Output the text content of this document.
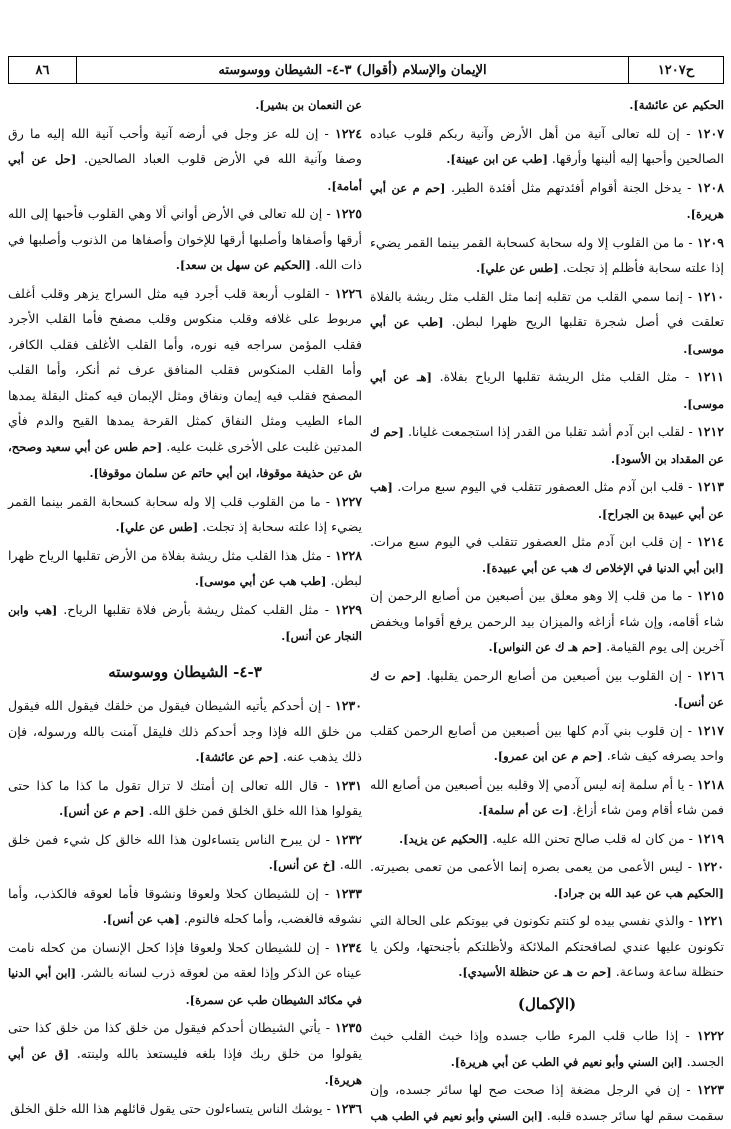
ح١٢٠٧
الإيمان والإسلام (أقوال) ٣-٤- الشيطان ووسوسته
٨٦
الحكيم عن عائشة].
١٢٠٧ - إن لله تعالى آنية من أهل الأرض وآنية ربكم قلوب عباده الصالحين وأحبها إليه ألينها وأرقها. [طب عن ابن عيينة].
١٢٠٨ - يدخل الجنة أقوام أفئدتهم مثل أفئدة الطير. [حم م عن أبي هريرة].
١٢٠٩ - ما من القلوب إلا وله سحابة كسحابة القمر بينما القمر يضيء إذا علته سحابة فأظلم إذ تجلت. [طس عن علي].
١٢١٠ - إنما سمي القلب من تقلبه إنما مثل القلب مثل ريشة بالفلاة تعلقت في أصل شجرة تقلبها الريح ظهرا لبطن. [طب عن أبي موسى].
١٢١١ - مثل القلب مثل الريشة تقلبها الرياح بفلاة. [هـ عن أبي موسى].
١٢١٢ - لقلب ابن آدم أشد تقلبا من القدر إذا استجمعت غليانا. [حم ك عن المقداد بن الأسود].
١٢١٣ - قلب ابن آدم مثل العصفور تتقلب في اليوم سبع مرات. [هب عن أبي عبيدة بن الجراح].
١٢١٤ - إن قلب ابن آدم مثل العصفور تتقلب في اليوم سبع مرات. [ابن أبي الدنيا في الإخلاص ك هب عن أبي عبيدة].
١٢١٥ - ما من قلب إلا وهو معلق بين أصبعين من أصابع الرحمن إن شاء أقامه، وإن شاء أزاغه والميزان بيد الرحمن يرفع أقواما ويخفض آخرين إلى يوم القيامة. [حم هـ ك عن النواس].
١٢١٦ - إن القلوب بين أصبعين من أصابع الرحمن يقلبها. [حم ت ك عن أنس].
١٢١٧ - إن قلوب بني آدم كلها بين أصبعين من أصابع الرحمن كقلب واحد يصرفه كيف شاء. [حم م عن ابن عمرو].
١٢١٨ - يا أم سلمة إنه ليس آدمي إلا وقلبه بين أصبعين من أصابع الله فمن شاء أقام ومن شاء أزاغ. [ت عن أم سلمة].
١٢١٩ - من كان له قلب صالح تحنن الله عليه. [الحكيم عن يزيد].
١٢٢٠ - ليس الأعمى من يعمى بصره إنما الأعمى من تعمى بصيرته. [الحكيم هب عن عبد الله بن جراد].
١٢٢١ - والذي نفسي بيده لو كنتم تكونون في بيوتكم على الحالة التي تكونون عليها عندي لصافحتكم الملائكة ولأظلتكم بأجنحتها، ولكن يا حنظلة ساعة وساعة. [حم ت هـ عن حنظلة الأسيدي].
(الإكمال)
١٢٢٢ - إذا طاب قلب المرء طاب جسده وإذا خبث القلب خبث الجسد. [ابن السني وأبو نعيم في الطب عن أبي هريرة].
١٢٢٣ - إن في الرجل مضغة إذا صحت صح لها سائر جسده، وإن سقمت سقم لها سائر جسده قلبه. [ابن السني وأبو نعيم في الطب هب
عن النعمان بن بشير].
١٢٢٤ - إن لله عز وجل في أرضه آنية وأحب آنية الله إليه ما رق وصفا وآنية الله في الأرض قلوب العباد الصالحين. [حل عن أبي أمامة].
١٢٢٥ - إن لله تعالى في الأرض أواني ألا وهي القلوب فأحبها إلى الله أرقها وأصفاها وأصلبها أرقها للإخوان وأصفاها من الذنوب وأصلبها في ذات الله. [الحكيم عن سهل بن سعد].
١٢٢٦ - القلوب أربعة قلب أجرد فيه مثل السراج يزهر وقلب أغلف مربوط على غلافه وقلب منكوس وقلب مصفح فأما القلب الأجرد فقلب المؤمن سراجه فيه نوره، وأما القلب الأغلف فقلب الكافر، وأما القلب المنكوس فقلب المنافق عرف ثم أنكر، وأما القلب المصفح فقلب فيه إيمان ونفاق ومثل الإيمان فيه كمثل البقلة يمدها الماء الطيب ومثل النفاق كمثل القرحة يمدها القيح والدم فأي المدتين غلبت على الأخرى غلبت عليه. [حم طس عن أبي سعيد وصحح، ش عن حذيفة موقوفا، ابن أبي حاتم عن سلمان موقوفا].
١٢٢٧ - ما من القلوب قلب إلا وله سحابة كسحابة القمر بينما القمر يضيء إذا علته سحابة إذ تجلت. [طس عن علي].
١٢٢٨ - مثل هذا القلب مثل ريشة بفلاة من الأرض تقلبها الرياح ظهرا لبطن. [طب هب عن أبي موسى].
١٢٢٩ - مثل القلب كمثل ريشة بأرض فلاة تقلبها الرياح. [هب وابن النجار عن أنس].
٣-٤- الشيطان ووسوسته
١٢٣٠ - إن أحدكم يأتيه الشيطان فيقول من خلقك فيقول الله فيقول من خلق الله فإذا وجد أحدكم ذلك فليقل آمنت بالله ورسوله، فإن ذلك يذهب عنه. [حم عن عائشة].
١٢٣١ - قال الله تعالى إن أمتك لا تزال تقول ما كذا ما كذا حتى يقولوا هذا الله خلق الخلق فمن خلق الله. [حم م عن أنس].
١٢٣٢ - لن يبرح الناس يتساءلون هذا الله خالق كل شيء فمن خلق الله. [خ عن أنس].
١٢٣٣ - إن للشيطان كحلا ولعوقا ونشوقا فأما لعوقه فالكذب، وأما نشوقه فالغضب، وأما كحله فالنوم. [هب عن أنس].
١٢٣٤ - إن للشيطان كحلا ولعوقا فإذا كحل الإنسان من كحله نامت عيناه عن الذكر وإذا لعقه من لعوقه ذرب لسانه بالشر. [ابن أبي الدنيا في مكائد الشيطان طب عن سمرة].
١٢٣٥ - يأتي الشيطان أحدكم فيقول من خلق كذا من خلق كذا حتى يقولوا من خلق ربك فإذا بلغه فليستعذ بالله ولينته. [ق عن أبي هريرة].
١٢٣٦ - يوشك الناس يتساءلون حتى يقول قائلهم هذا الله خلق الخلق
